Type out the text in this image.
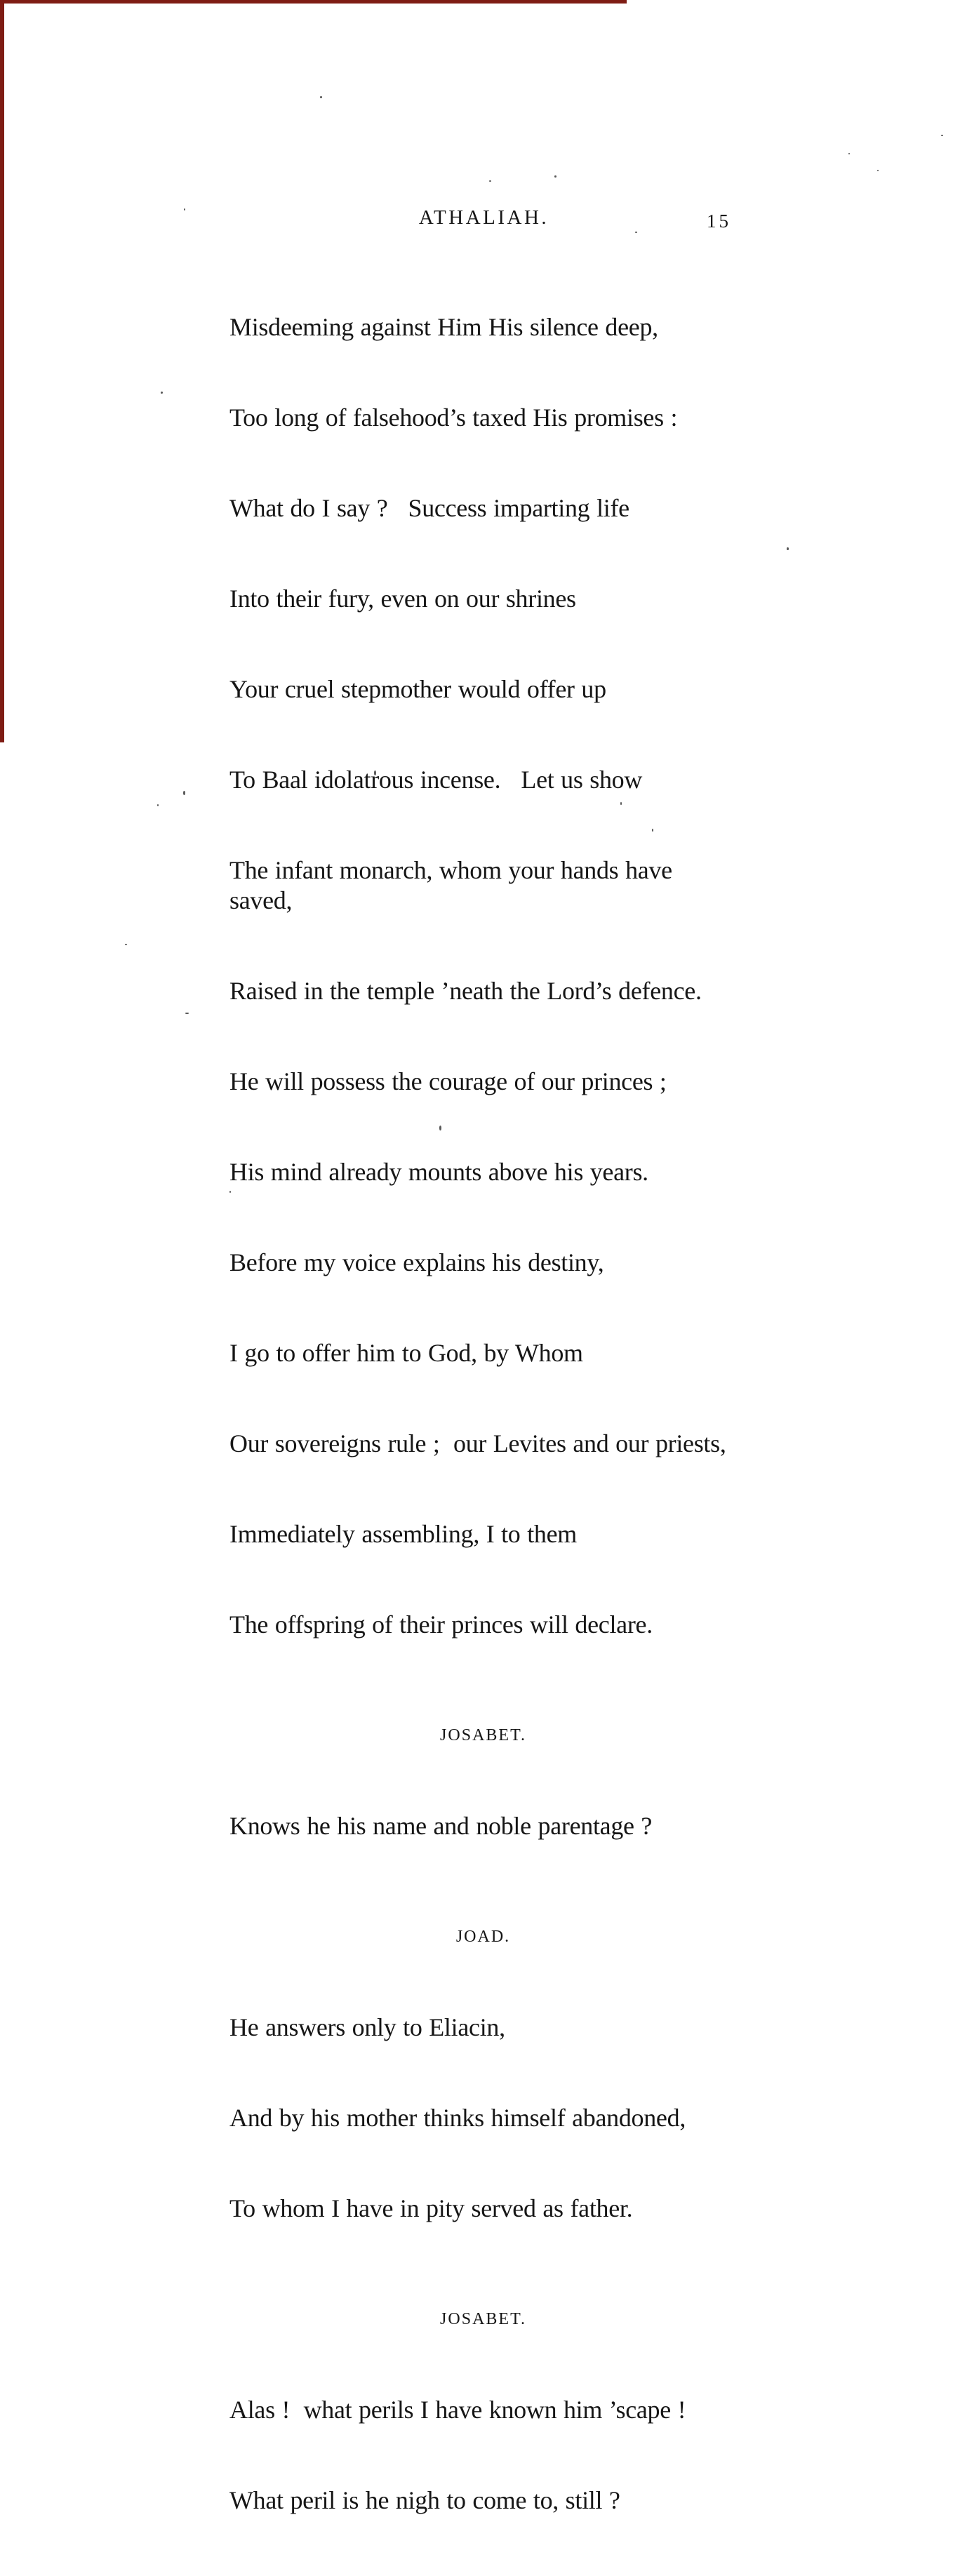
ATHALIAH.	15

Misdeeming against Him His silence deep,

Too long of falsehood’s taxed His promises :

What do I say ?   Success imparting life

Into their fury, even on our shrines

Your cruel stepmother would offer up

To Baal idolatrous incense.   Let us show

The infant monarch, whom your hands have saved,

Raised in the temple ’neath the Lord’s defence.

He will possess the courage of our princes ;

His mind already mounts above his years.

Before my voice explains his destiny,

I go to offer him to God, by Whom

Our sovereigns rule ;  our Levites and our priests,

Immediately assembling, I to them

The offspring of their princes will declare.

JOSABET.

Knows he his name and noble parentage ?

JOAD.

He answers only to Eliacin,

And by his mother thinks himself abandoned,

To whom I have in pity served as father.

JOSABET.

Alas !  what perils I have known him ’scape !

What peril is he nigh to come to, still ?
